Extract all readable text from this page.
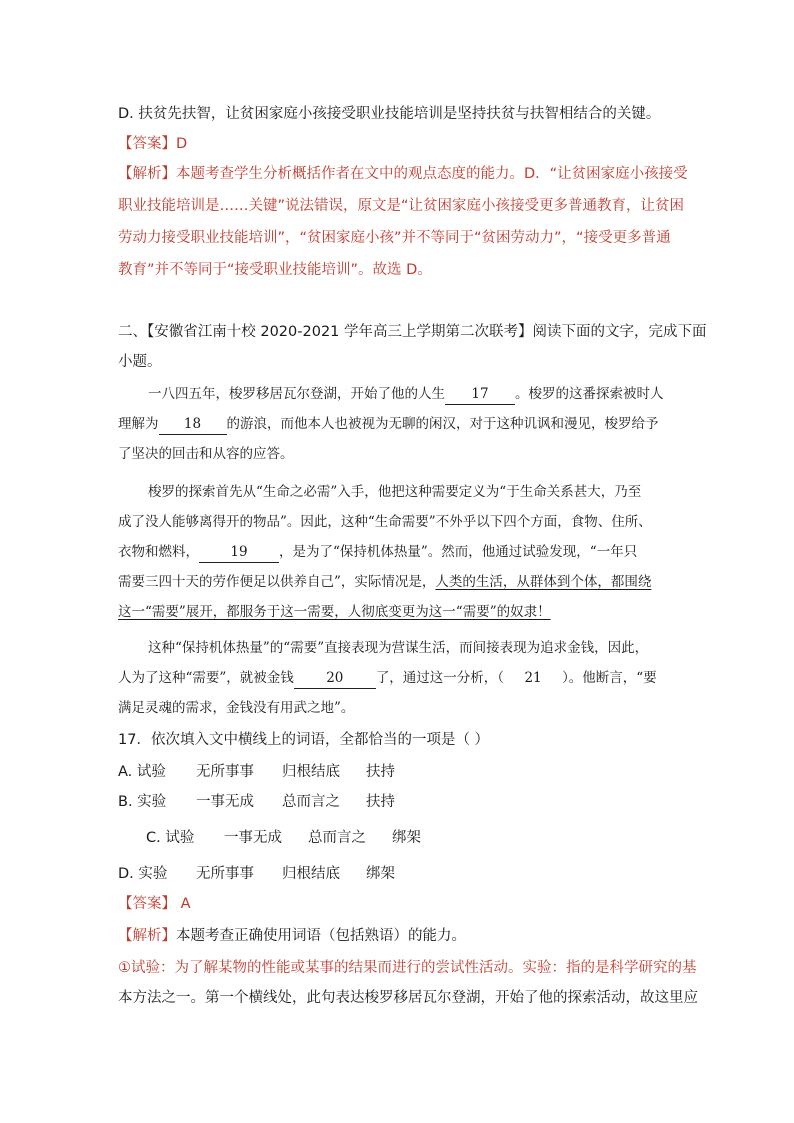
D. 扶贫先扶智，让贫困家庭小孩接受职业技能培训是坚持扶贫与扶智相结合的关键。
【答案】D
【解析】本题考查学生分析概括作者在文中的观点态度的能力。D．“让贫困家庭小孩接受
职业技能培训是……关键”说法错误，原文是“让贫困家庭小孩接受更多普通教育，让贫困
劳动力接受职业技能培训”，“贫困家庭小孩”并不等同于“贫困劳动力”，“接受更多普通
教育”并不等同于“接受职业技能培训”。故选 D。
二、【安徽省江南十校 2020-2021 学年高三上学期第二次联考】阅读下面的文字，完成下面
小题。
一八四五年，梭罗移居瓦尔登湖，开始了他的人生 17 。梭罗的这番探索被时人
理解为 18 的游浪，而他本人也被视为无聊的闲汉，对于这种讥讽和漫见，梭罗给予
了坚决的回击和从容的应答。
梭罗的探索首先从“生命之必需”入手，他把这种需要定义为“于生命关系甚大，乃至
成了没人能够离得开的物品”。因此，这种“生命需要”不外乎以下四个方面，食物、住所、
衣物和燃料， 19 ，是为了“保持机体热量”。然而，他通过试验发现，“一年只
需要三四十天的劳作便足以供养自己”，实际情况是，人类的生活，从群体到个体，都围绕
这一“需要”展开，都服务于这一需要，人彻底变更为这一“需要”的奴隶！
这种“保持机体热量”的“需要”直接表现为营谋生活，而间接表现为追求金钱，因此，
人为了这种“需要”，就被金钱 20 了，通过这一分析，（ 21 ）。他断言，“要
满足灵魂的需求，金钱没有用武之地”。
17．依次填入文中横线上的词语，全都恰当的一项是（ ）
A. 试验 无所事事 归根结底 扶持
B. 实验 一事无成 总而言之 扶持
C. 试验 一事无成 总而言之 绑架
D. 实验 无所事事 归根结底 绑架
【答案】 A
【解析】本题考查正确使用词语（包括熟语）的能力。
①试验：为了解某物的性能或某事的结果而进行的尝试性活动。实验：指的是科学研究的基
本方法之一。第一个横线处，此句表达梭罗移居瓦尔登湖，开始了他的探索活动，故这里应
